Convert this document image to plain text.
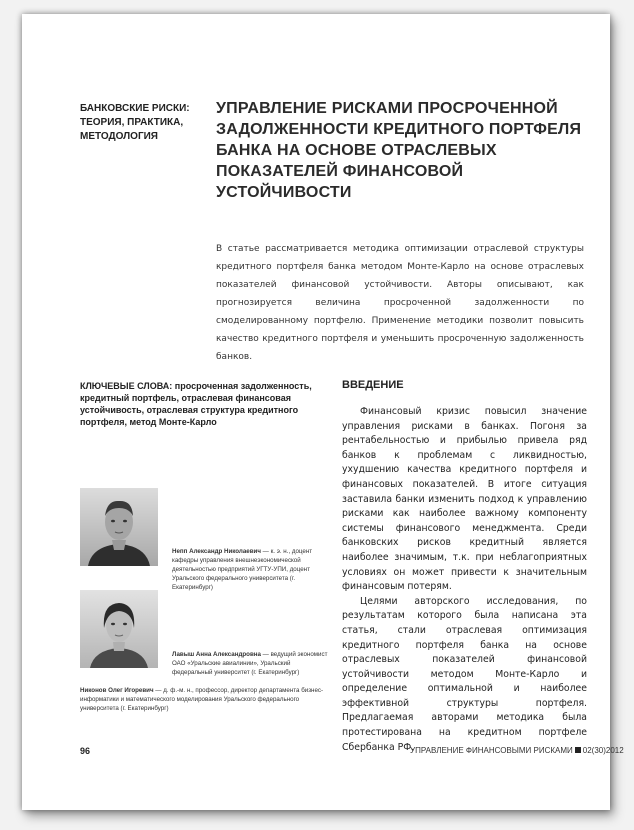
БАНКОВСКИЕ РИСКИ: ТЕОРИЯ, ПРАКТИКА, МЕТОДОЛОГИЯ
УПРАВЛЕНИЕ РИСКАМИ ПРОСРОЧЕННОЙ ЗАДОЛЖЕННОСТИ КРЕДИТНОГО ПОРТФЕЛЯ БАНКА НА ОСНОВЕ ОТРАСЛЕВЫХ ПОКАЗАТЕЛЕЙ ФИНАНСОВОЙ УСТОЙЧИВОСТИ

В статье рассматривается методика оптимизации отраслевой структуры кредитного портфеля банка методом Монте-Карло на основе отраслевых показателей финансовой устойчивости. Авторы описывают, как прогнозируется величина просроченной задолженности по смоделированному портфелю. Применение методики позволит повысить качество кредитного портфеля и уменьшить просроченную задолженность банков.

КЛЮЧЕВЫЕ СЛОВА: просроченная задолженность, кредитный портфель, отраслевая финансовая устойчивость, отраслевая структура кредитного портфеля, метод Монте-Карло
ВВЕДЕНИЕ

Финансовый кризис повысил значение управления рисками в банках. Погоня за рентабельностью и прибылью привела ряд банков к проблемам с ликвидностью, ухудшению качества кредитного портфеля и финансовых показателей. В итоге ситуация заставила банки изменить подход к управлению рисками как наиболее важному компоненту системы финансового менеджмента. Среди банковских рисков кредитный является наиболее значимым, т.к. при неблагоприятных условиях он может привести к значительным финансовым потерям.

Целями авторского исследования, по результатам которого была написана эта статья, стали отраслевая оптимизация кредитного портфеля банка на основе отраслевых показателей финансовой устойчивости методом Монте-Карло и определение оптимальной и наиболее эффективной структуры портфеля. Предлагаемая авторами методика была протестирована на кредитном портфеле Сбербанка РФ.

Непп Александр Николаевич — к. э. н., доцент кафедры управления внешнеэкономической деятельностью предприятий УГТУ-УПИ, доцент Уральского федерального университета (г. Екатеринбург)
Лавыш Анна Александровна — ведущий экономист ОАО «Уральские авиалинии», Уральский федеральный университет (г. Екатеринбург)
Никонов Олег Игоревич — д. ф.-м. н., профессор, директор департамента бизнес-информатики и математического моделирования Уральского федерального университета (г. Екатеринбург)
96	УПРАВЛЕНИЕ ФИНАНСОВЫМИ РИСКАМИ 02(30)2012
